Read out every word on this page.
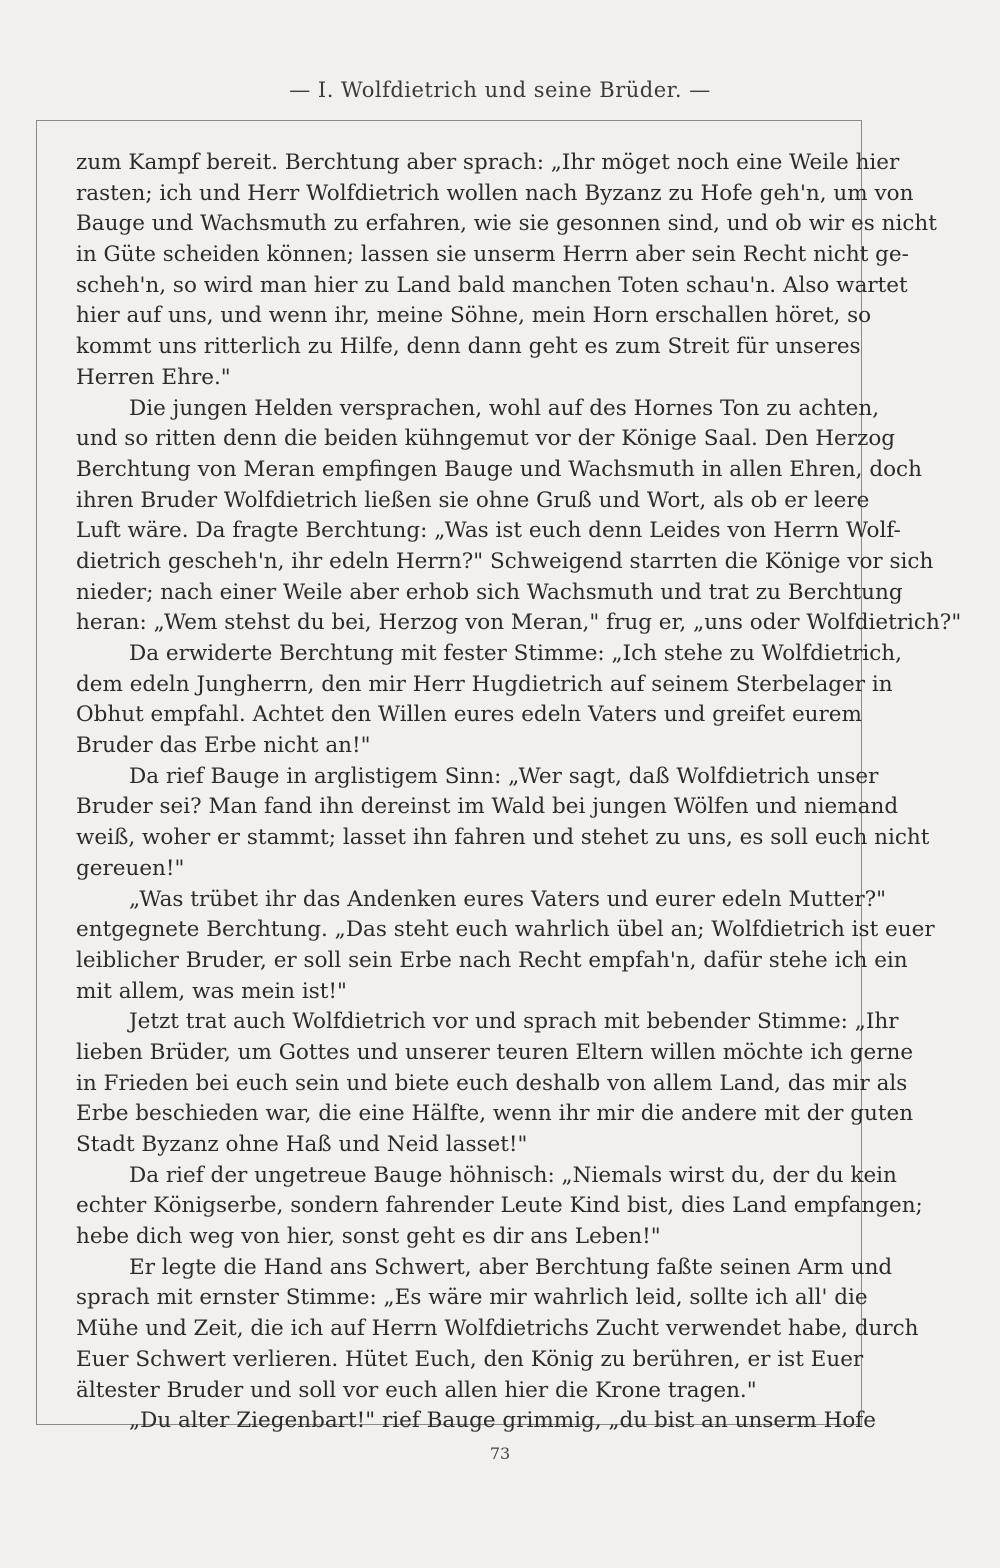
— I. Wolfdietrich und seine Brüder. —
zum Kampf bereit. Berchtung aber sprach: „Ihr möget noch eine Weile hier
rasten; ich und Herr Wolfdietrich wollen nach Byzanz zu Hofe geh'n, um von
Bauge und Wachsmuth zu erfahren, wie sie gesonnen sind, und ob wir es nicht
in Güte scheiden können; lassen sie unserm Herrn aber sein Recht nicht ge-
scheh'n, so wird man hier zu Land bald manchen Toten schau'n. Also wartet
hier auf uns, und wenn ihr, meine Söhne, mein Horn erschallen höret, so
kommt uns ritterlich zu Hilfe, denn dann geht es zum Streit für unseres
Herren Ehre."
Die jungen Helden versprachen, wohl auf des Hornes Ton zu achten,
und so ritten denn die beiden kühngemut vor der Könige Saal. Den Herzog
Berchtung von Meran empfingen Bauge und Wachsmuth in allen Ehren, doch
ihren Bruder Wolfdietrich ließen sie ohne Gruß und Wort, als ob er leere
Luft wäre. Da fragte Berchtung: „Was ist euch denn Leides von Herrn Wolf-
dietrich gescheh'n, ihr edeln Herrn?" Schweigend starrten die Könige vor sich
nieder; nach einer Weile aber erhob sich Wachsmuth und trat zu Berchtung
heran: „Wem stehst du bei, Herzog von Meran," frug er, „uns oder Wolfdietrich?"
Da erwiderte Berchtung mit fester Stimme: „Ich stehe zu Wolfdietrich,
dem edeln Jungherrn, den mir Herr Hugdietrich auf seinem Sterbelager in
Obhut empfahl. Achtet den Willen eures edeln Vaters und greifet eurem
Bruder das Erbe nicht an!"
Da rief Bauge in arglistigem Sinn: „Wer sagt, daß Wolfdietrich unser
Bruder sei? Man fand ihn dereinst im Wald bei jungen Wölfen und niemand
weiß, woher er stammt; lasset ihn fahren und stehet zu uns, es soll euch nicht
gereuen!"
„Was trübet ihr das Andenken eures Vaters und eurer edeln Mutter?"
entgegnete Berchtung. „Das steht euch wahrlich übel an; Wolfdietrich ist euer
leiblicher Bruder, er soll sein Erbe nach Recht empfah'n, dafür stehe ich ein
mit allem, was mein ist!"
Jetzt trat auch Wolfdietrich vor und sprach mit bebender Stimme: „Ihr
lieben Brüder, um Gottes und unserer teuren Eltern willen möchte ich gerne
in Frieden bei euch sein und biete euch deshalb von allem Land, das mir als
Erbe beschieden war, die eine Hälfte, wenn ihr mir die andere mit der guten
Stadt Byzanz ohne Haß und Neid lasset!"
Da rief der ungetreue Bauge höhnisch: „Niemals wirst du, der du kein
echter Königserbe, sondern fahrender Leute Kind bist, dies Land empfangen;
hebe dich weg von hier, sonst geht es dir ans Leben!"
Er legte die Hand ans Schwert, aber Berchtung faßte seinen Arm und
sprach mit ernster Stimme: „Es wäre mir wahrlich leid, sollte ich all' die
Mühe und Zeit, die ich auf Herrn Wolfdietrichs Zucht verwendet habe, durch
Euer Schwert verlieren. Hütet Euch, den König zu berühren, er ist Euer
ältester Bruder und soll vor euch allen hier die Krone tragen."
„Du alter Ziegenbart!" rief Bauge grimmig, „du bist an unserm Hofe
73
